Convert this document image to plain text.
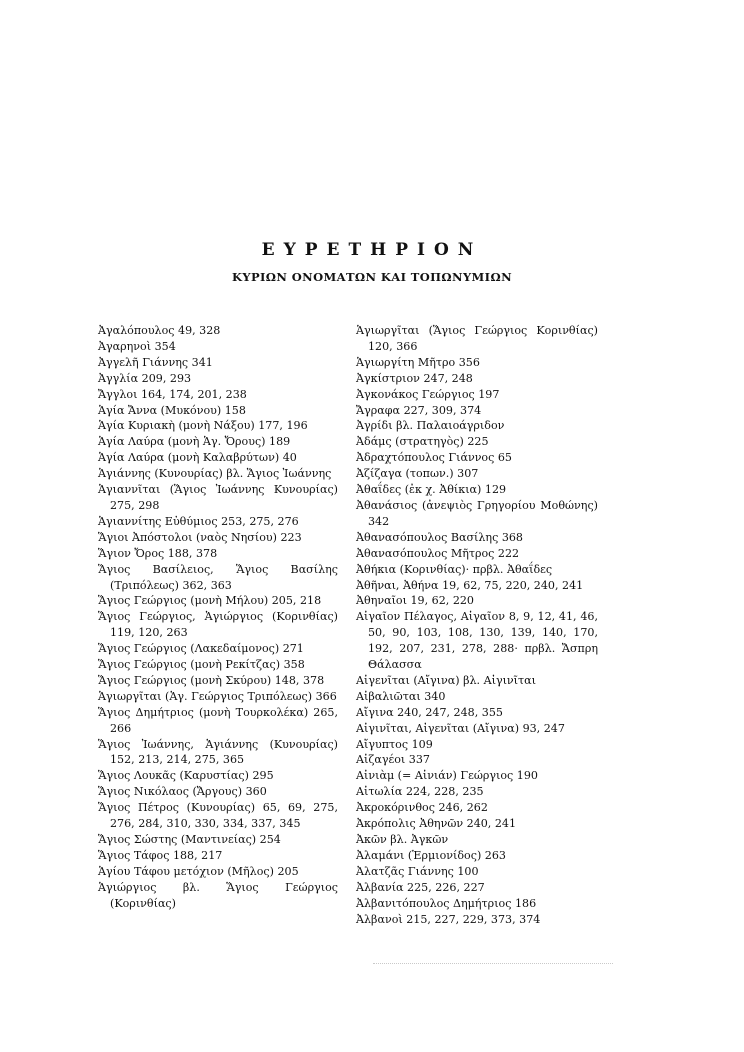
ΕΥΡΕΤΗΡΙΟΝ
ΚΥΡΙΩΝ ΟΝΟΜΑΤΩΝ ΚΑΙ ΤΟΠΩΝΥΜΙΩΝ

Ἀγαλόπουλος 49, 328

Ἀγαρηνοὶ 354

Ἀγγελῆ Γιάννης 341

Ἀγγλία 209, 293

Ἄγγλοι 164, 174, 201, 238

Ἁγία Ἄννα (Μυκόνου) 158

Ἁγία Κυριακὴ (μονὴ Νάξου) 177, 196

Ἁγία Λαύρα (μονὴ Ἁγ. Ὄρους) 189

Ἁγία Λαύρα (μονὴ Καλαβρύτων) 40

Ἁγιάννης (Κυνουρίας) βλ. Ἅγιος Ἰωάννης

Ἁγιαννῖται (Ἅγιος Ἰωάννης Κυνουρίας) 275, 298

Ἁγιαννίτης Εὐθύμιος 253, 275, 276

Ἅγιοι Ἀπόστολοι (ναὸς Νησίου) 223

Ἅγιον Ὄρος 188, 378

Ἅγιος Βασίλειος, Ἅγιος Βασίλης (Τριπόλεως) 362, 363

Ἅγιος Γεώργιος (μονὴ Μήλου) 205, 218

Ἅγιος Γεώργιος, Ἁγιώργιος (Κορινθίας) 119, 120, 263

Ἅγιος Γεώργιος (Λακεδαίμονος) 271

Ἅγιος Γεώργιος (μονὴ Ρεκίτζας) 358

Ἅγιος Γεώργιος (μονὴ Σκύρου) 148, 378

Ἁγιωργῖται (Ἁγ. Γεώργιος Τριπόλεως) 366

Ἅγιος Δημήτριος (μονὴ Τουρκολέκα) 265, 266

Ἅγιος Ἰωάννης, Ἁγιάννης (Κυνουρίας) 152, 213, 214, 275, 365

Ἅγιος Λουκᾶς (Καρυστίας) 295

Ἅγιος Νικόλαος (Ἄργους) 360

Ἅγιος Πέτρος (Κυνουρίας) 65, 69, 275, 276, 284, 310, 330, 334, 337, 345

Ἅγιος Σώστης (Μαντινείας) 254

Ἅγιος Τάφος 188, 217

Ἁγίου Τάφου μετόχιον (Μῆλος) 205

Ἁγιώργιος βλ. Ἅγιος Γεώργιος (Κορινθίας)

Ἁγιωργῖται (Ἅγιος Γεώργιος Κορινθίας) 120, 366

Ἁγιωργίτη Μῆτρο 356

Ἀγκίστριον 247, 248

Ἀγκονάκος Γεώργιος 197

Ἄγραφα 227, 309, 374

Ἀγρίδι βλ. Παλαιοάγριδον

Ἀδάμς (στρατηγὸς) 225

Ἀδραχτόπουλος Γιάννος 65

Ἀζίζαγα (τοπων.) 307

Ἀθαΐδες (ἐκ χ. Ἀθίκια) 129

Ἀθανάσιος (ἀνεψιὸς Γρηγορίου Μοθώνης) 342

Ἀθανασόπουλος Βασίλης 368

Ἀθανασόπουλος Μῆτρος 222

Ἀθήκια (Κορινθίας)· πρβλ. Ἀθαΐδες

Ἀθῆναι, Ἀθήνα 19, 62, 75, 220, 240, 241

Ἀθηναῖοι 19, 62, 220

Αἰγαῖον Πέλαγος, Αἰγαῖον 8, 9, 12, 41, 46, 50, 90, 103, 108, 130, 139, 140, 170, 192, 207, 231, 278, 288· πρβλ. Ἄσπρη Θάλασσα

Αἰγενῖται (Αἴγινα) βλ. Αἰγινῖται

Αἰβαλιῶται 340

Αἴγινα 240, 247, 248, 355

Αἰγινῖται, Αἰγενῖται (Αἴγινα) 93, 247

Αἴγυπτος 109

Αἰζαγέοι 337

Αἰνιὰμ (= Αἰνιάν) Γεώργιος 190

Αἰτωλία 224, 228, 235

Ἀκροκόρινθος 246, 262

Ἀκρόπολις Ἀθηνῶν 240, 241

Ἀκῶν βλ. Ἀγκῶν

Ἀλαμάνι (Ἑρμιονίδος) 263

Ἀλατζᾶς Γιάννης 100

Ἀλβανία 225, 226, 227

Ἀλβανιτόπουλος Δημήτριος 186

Ἀλβανοὶ 215, 227, 229, 373, 374
